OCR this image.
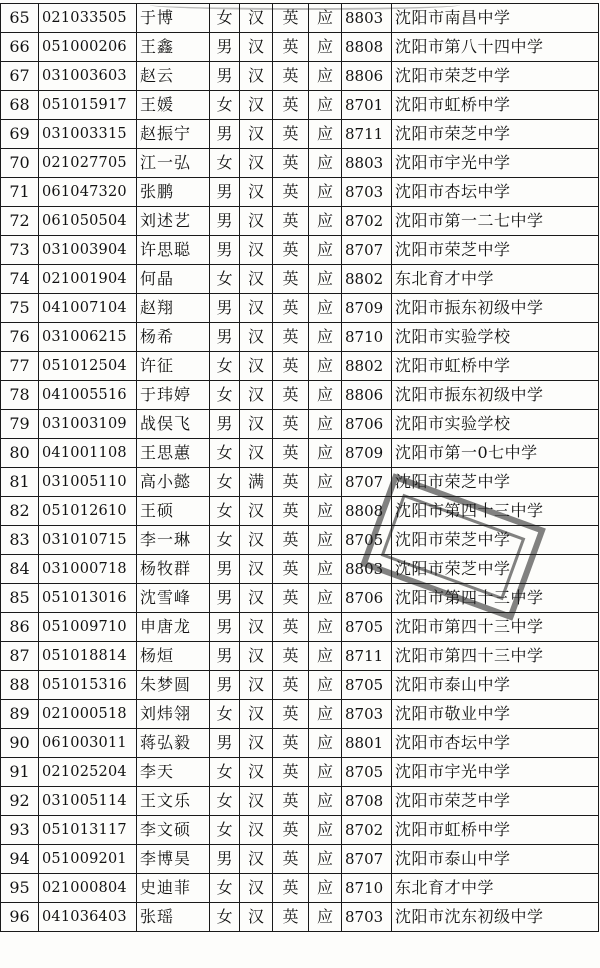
65	021033505	于博	女	汉	英	应	8803	沈阳市南昌中学
66	051000206	王鑫	男	汉	英	应	8808	沈阳市第八十四中学
67	031003603	赵云	男	汉	英	应	8806	沈阳市荣芝中学
68	051015917	王媛	女	汉	英	应	8701	沈阳市虹桥中学
69	031003315	赵振宁	男	汉	英	应	8711	沈阳市荣芝中学
70	021027705	江一弘	女	汉	英	应	8803	沈阳市宇光中学
71	061047320	张鹏	男	汉	英	应	8703	沈阳市杏坛中学
72	061050504	刘述艺	男	汉	英	应	8702	沈阳市第一二七中学
73	031003904	许思聪	男	汉	英	应	8707	沈阳市荣芝中学
74	021001904	何晶	女	汉	英	应	8802	东北育才中学
75	041007104	赵翔	男	汉	英	应	8709	沈阳市振东初级中学
76	031006215	杨希	男	汉	英	应	8710	沈阳市实验学校
77	051012504	许征	女	汉	英	应	8802	沈阳市虹桥中学
78	041005516	于玮婷	女	汉	英	应	8806	沈阳市振东初级中学
79	031003109	战俣飞	男	汉	英	应	8706	沈阳市实验学校
80	041001108	王思蕙	女	汉	英	应	8709	沈阳市第一0七中学
81	031005110	高小懿	女	满	英	应	8707	沈阳市荣芝中学
82	051012610	王硕	女	汉	英	应	8808	沈阳市第四十三中学
83	031010715	李一琳	女	汉	英	应	8705	沈阳市荣芝中学
84	031000718	杨牧群	男	汉	英	应	8803	沈阳市荣芝中学
85	051013016	沈雪峰	男	汉	英	应	8706	沈阳市第四十三中学
86	051009710	申唐龙	男	汉	英	应	8705	沈阳市第四十三中学
87	051018814	杨烜	男	汉	英	应	8711	沈阳市第四十三中学
88	051015316	朱梦圆	男	汉	英	应	8705	沈阳市泰山中学
89	021000518	刘炜翎	女	汉	英	应	8703	沈阳市敬业中学
90	061003011	蒋弘毅	男	汉	英	应	8801	沈阳市杏坛中学
91	021025204	李天	女	汉	英	应	8705	沈阳市宇光中学
92	031005114	王文乐	女	汉	英	应	8708	沈阳市荣芝中学
93	051013117	李文硕	女	汉	英	应	8702	沈阳市虹桥中学
94	051009201	李博昊	男	汉	英	应	8707	沈阳市泰山中学
95	021000804	史迪菲	女	汉	英	应	8710	东北育才中学
96	041036403	张瑶	女	汉	英	应	8703	沈阳市沈东初级中学
